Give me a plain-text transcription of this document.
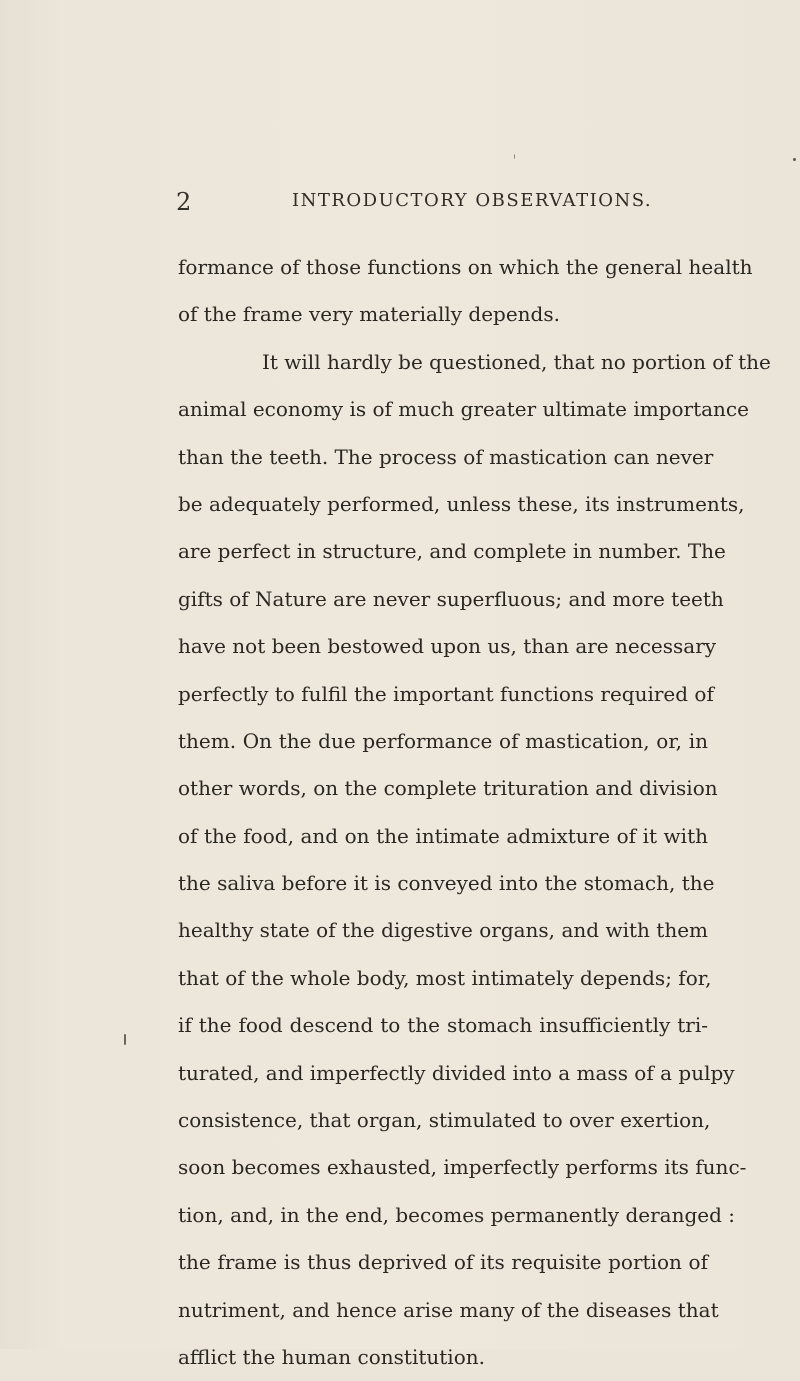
2	INTRODUCTORY OBSERVATIONS.
formance of those functions on which the general health
of the frame very materially depends.
It will hardly be questioned, that no portion of the
animal economy is of much greater ultimate importance
than the teeth. The process of mastication can never
be adequately performed, unless these, its instruments,
are perfect in structure, and complete in number. The
gifts of Nature are never superfluous; and more teeth
have not been bestowed upon us, than are necessary
perfectly to fulfil the important functions required of
them. On the due performance of mastication, or, in
other words, on the complete trituration and division
of the food, and on the intimate admixture of it with
the saliva before it is conveyed into the stomach, the
healthy state of the digestive organs, and with them
that of the whole body, most intimately depends; for,
if the food descend to the stomach insufficiently tri-
turated, and imperfectly divided into a mass of a pulpy
consistence, that organ, stimulated to over exertion,
soon becomes exhausted, imperfectly performs its func-
tion, and, in the end, becomes permanently deranged :
the frame is thus deprived of its requisite portion of
nutriment, and hence arise many of the diseases that
afflict the human constitution.
